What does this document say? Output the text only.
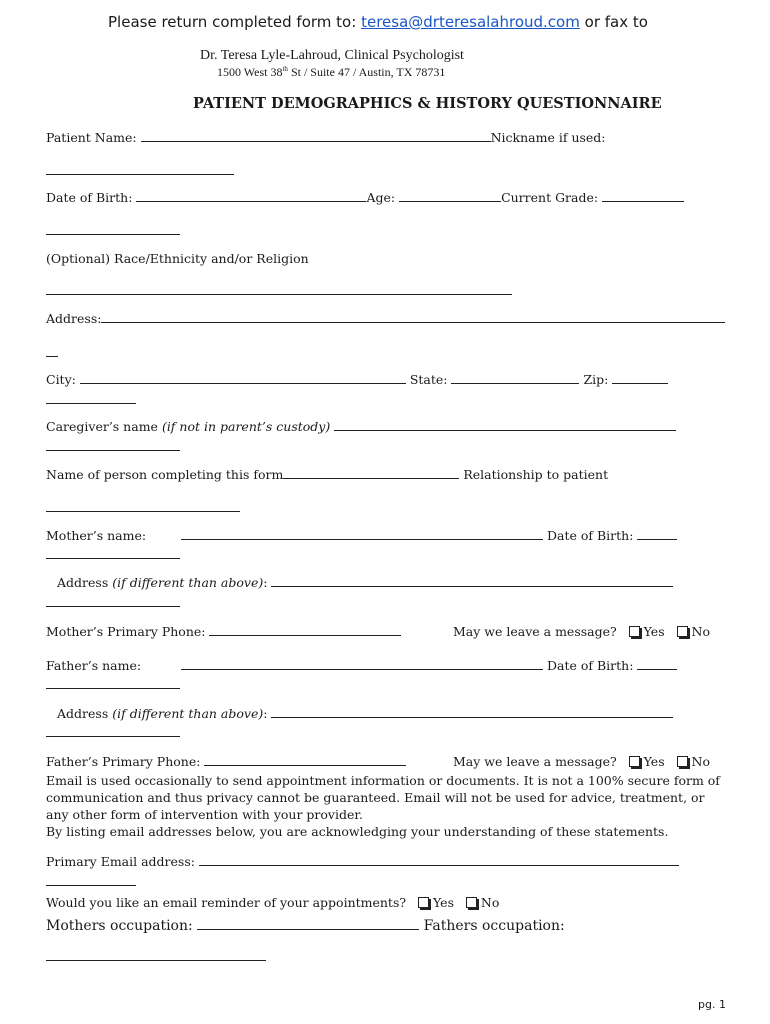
Please return completed form to: teresa@drteresalahroud.com or fax to
Dr. Teresa Lyle-Lahroud, Clinical Psychologist
1500 West 38th St / Suite 47 / Austin, TX 78731
PATIENT DEMOGRAPHICS & HISTORY QUESTIONNAIRE
Patient Name:	Nickname if used:
Date of Birth:	Age:	Current Grade:
(Optional) Race/Ethnicity and/or Religion
Address:
City:	State:	Zip:
Caregiver’s name (if not in parent’s custody)
Name of person completing this form	Relationship to patient
Mother’s name:	Date of Birth:
Address (if different than above):
Mother’s Primary Phone:	May we leave a message? Yes No
Father’s name:	Date of Birth:
Address (if different than above):
Father’s Primary Phone:	May we leave a message? Yes No
Email is used occasionally to send appointment information or documents. It is not a 100% secure form of
communication and thus privacy cannot be guaranteed. Email will not be used for advice, treatment, or
any other form of intervention with your provider.
By listing email addresses below, you are acknowledging your understanding of these statements.
Primary Email address:
Would you like an email reminder of your appointments? Yes No
Mothers occupation:	Fathers occupation:
pg. 1
